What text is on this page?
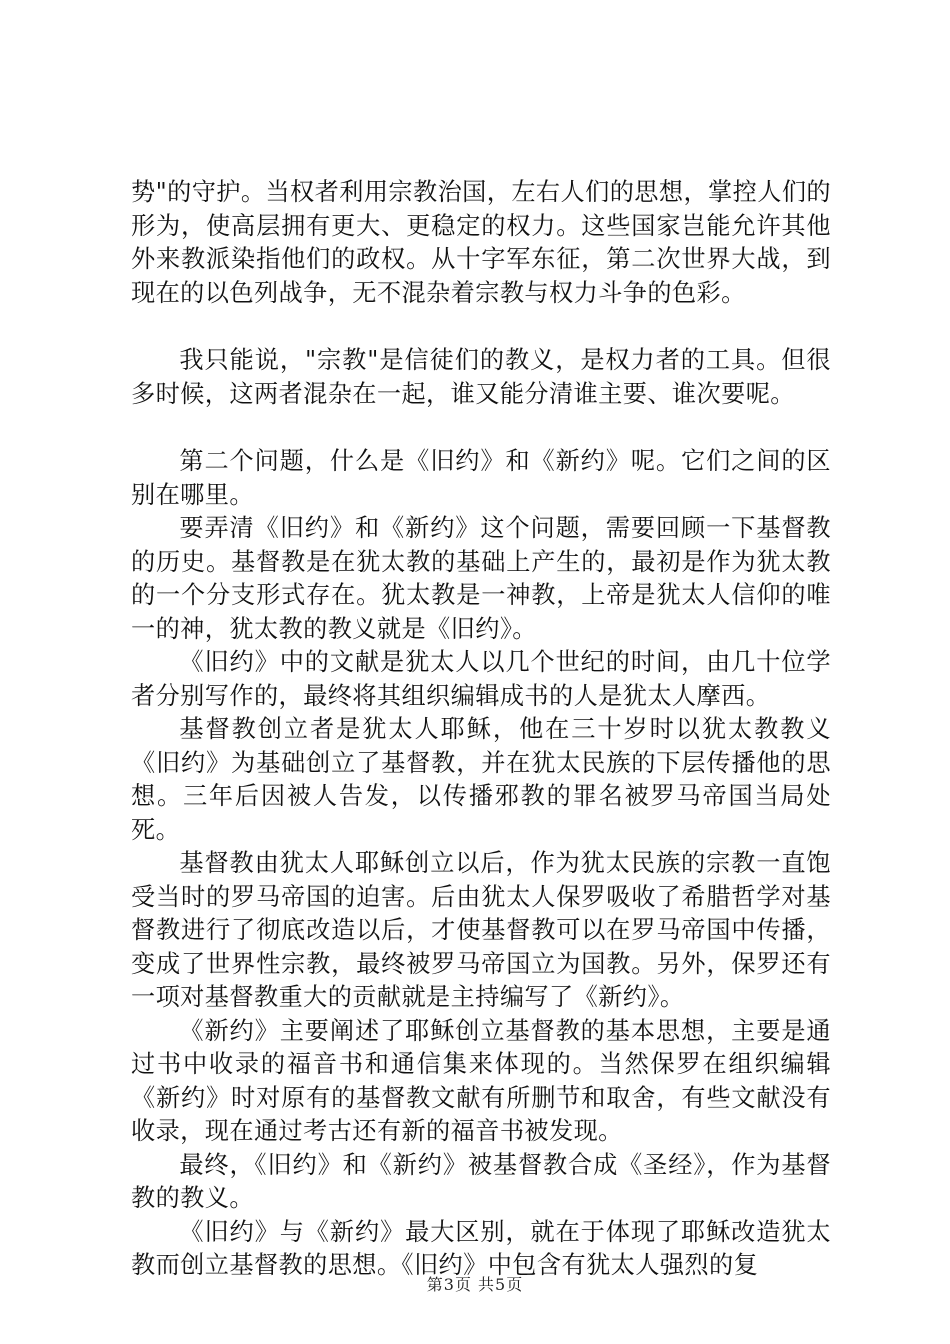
势"的守护。当权者利用宗教治国，左右人们的思想，掌控人们的形为，使高层拥有更大、更稳定的权力。这些国家岂能允许其他外来教派染指他们的政权。从十字军东征，第二次世界大战，到现在的以色列战争，无不混杂着宗教与权力斗争的色彩。

我只能说，"宗教"是信徒们的教义，是权力者的工具。但很多时候，这两者混杂在一起，谁又能分清谁主要、谁次要呢。

第二个问题，什么是《旧约》和《新约》呢。它们之间的区别在哪里。

要弄清《旧约》和《新约》这个问题，需要回顾一下基督教的历史。基督教是在犹太教的基础上产生的，最初是作为犹太教的一个分支形式存在。犹太教是一神教，上帝是犹太人信仰的唯一的神，犹太教的教义就是《旧约》。

《旧约》中的文献是犹太人以几个世纪的时间，由几十位学者分别写作的，最终将其组织编辑成书的人是犹太人摩西。

基督教创立者是犹太人耶稣，他在三十岁时以犹太教教义《旧约》为基础创立了基督教，并在犹太民族的下层传播他的思想。三年后因被人告发，以传播邪教的罪名被罗马帝国当局处死。

基督教由犹太人耶稣创立以后，作为犹太民族的宗教一直饱受当时的罗马帝国的迫害。后由犹太人保罗吸收了希腊哲学对基督教进行了彻底改造以后，才使基督教可以在罗马帝国中传播，变成了世界性宗教，最终被罗马帝国立为国教。另外，保罗还有一项对基督教重大的贡献就是主持编写了《新约》。

《新约》主要阐述了耶稣创立基督教的基本思想，主要是通过书中收录的福音书和通信集来体现的。当然保罗在组织编辑《新约》时对原有的基督教文献有所删节和取舍，有些文献没有收录，现在通过考古还有新的福音书被发现。

最终，《旧约》和《新约》被基督教合成《圣经》，作为基督教的教义。

《旧约》与《新约》最大区别，就在于体现了耶稣改造犹太教而创立基督教的思想。《旧约》中包含有犹太人强烈的复

第3页 共5页
